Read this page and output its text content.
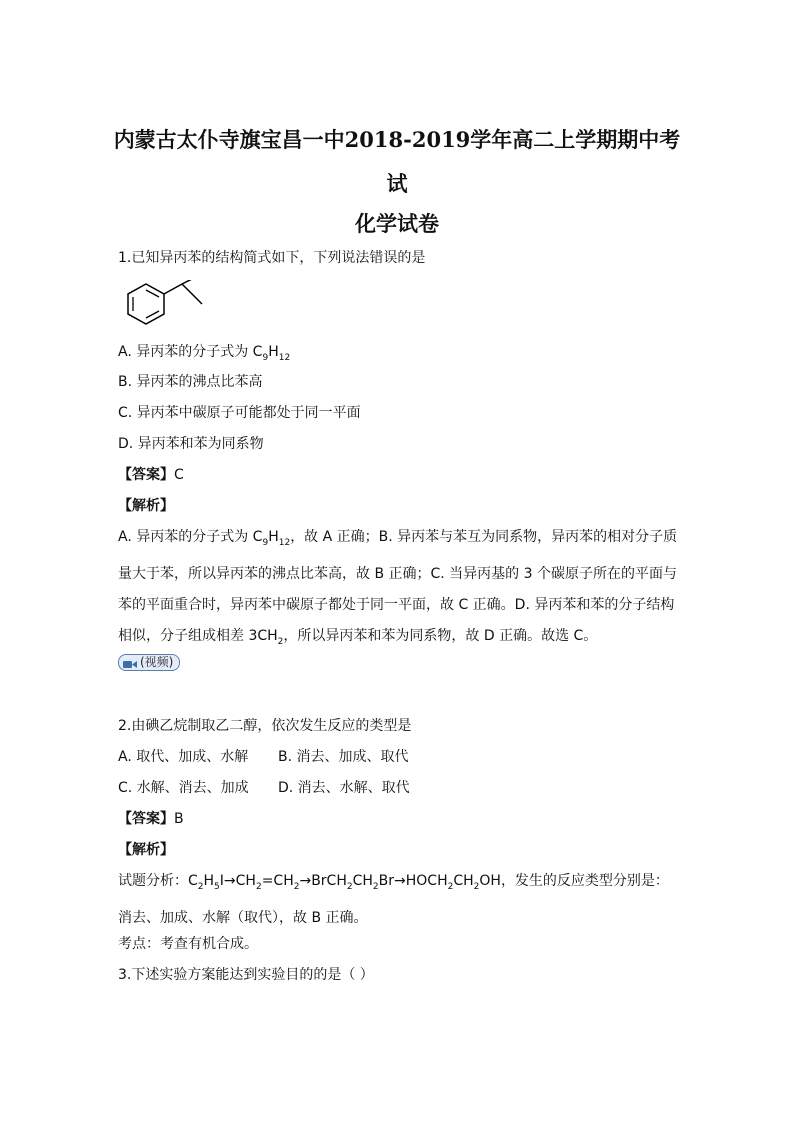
内蒙古太仆寺旗宝昌一中2018-2019学年高二上学期期中考
试
化学试卷
1.已知异丙苯的结构简式如下，下列说法错误的是
A. 异丙苯的分子式为 $C_9H_{12}$
B. 异丙苯的沸点比苯高
C. 异丙苯中碳原子可能都处于同一平面
D. 异丙苯和苯为同系物
【答案】C
【解析】
A. 异丙苯的分子式为 $C_9H_{12}$，故 A 正确；B. 异丙苯与苯互为同系物，异丙苯的相对分子质量大于苯，所以异丙苯的沸点比苯高，故 B 正确；C. 当异丙基的 3 个碳原子所在的平面与苯的平面重合时，异丙苯中碳原子都处于同一平面，故 C 正确。D. 异丙苯和苯的分子结构相似，分子组成相差 $3CH_2$，所以异丙苯和苯为同系物，故 D 正确。故选 C。
(视频)
2.由碘乙烷制取乙二醇，依次发生反应的类型是
A. 取代、加成、水解 B. 消去、加成、取代
C. 水解、消去、加成 D. 消去、水解、取代
【答案】B
【解析】
试题分析：$C_2H_5I\to CH_2=CH_2\to BrCH_2CH_2Br\to HOCH_2CH_2OH$，发生的反应类型分别是：消去、加成、水解（取代），故 B 正确。
考点：考查有机合成。
3.下述实验方案能达到实验目的的是（ ）
